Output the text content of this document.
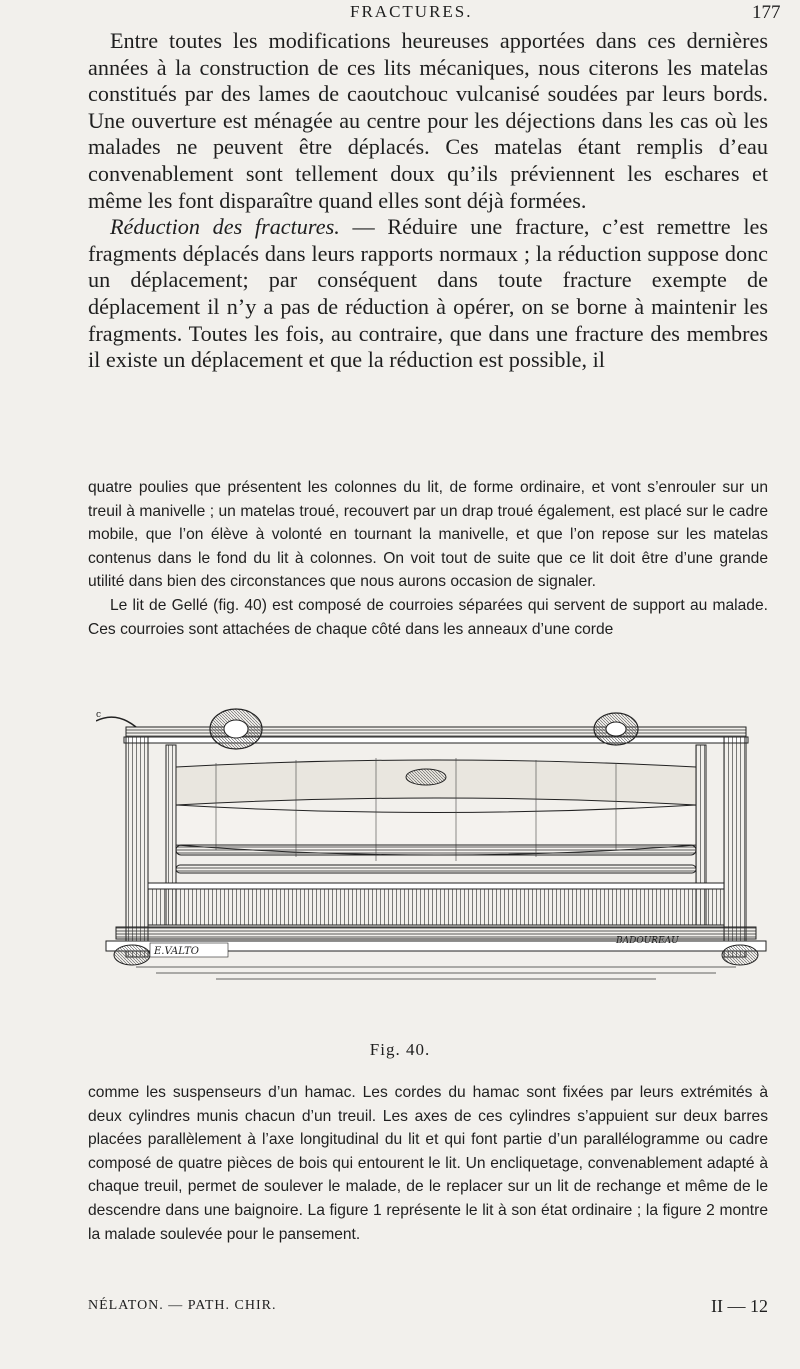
FRACTURES.	177

Entre toutes les modifications heureuses apportées dans ces dernières années à la construction de ces lits mécaniques, nous citerons les matelas constitués par des lames de caoutchouc vulcanisé soudées par leurs bords. Une ouverture est ménagée au centre pour les déjections dans les cas où les malades ne peuvent être déplacés. Ces matelas étant remplis d’eau convenablement sont tellement doux qu’ils préviennent les eschares et même les font disparaître quand elles sont déjà formées.

Réduction des fractures. — Réduire une fracture, c’est remettre les fragments déplacés dans leurs rapports normaux ; la réduction suppose donc un déplacement; par conséquent dans toute fracture exempte de déplacement il n’y a pas de réduction à opérer, on se borne à maintenir les fragments. Toutes les fois, au contraire, que dans une fracture des membres il existe un déplacement et que la réduction est possible, il

quatre poulies que présentent les colonnes du lit, de forme ordinaire, et vont s’enrouler sur un treuil à manivelle ; un matelas troué, recouvert par un drap troué également, est placé sur le cadre mobile, que l’on élève à volonté en tournant la manivelle, et que l’on repose sur les matelas contenus dans le fond du lit à colonnes. On voit tout de suite que ce lit doit être d’une grande utilité dans bien des circonstances que nous aurons occasion de signaler.

Le lit de Gellé (fig. 40) est composé de courroies séparées qui servent de support au malade. Ces courroies sont attachées de chaque côté dans les anneaux d’une corde

c
E.VALTO
BADOUREAU
Fig. 40.

comme les suspenseurs d’un hamac. Les cordes du hamac sont fixées par leurs extrémités à deux cylindres munis chacun d’un treuil. Les axes de ces cylindres s’appuient sur deux barres placées parallèlement à l’axe longitudinal du lit et qui font partie d’un parallélogramme ou cadre composé de quatre pièces de bois qui entourent le lit. Un encliquetage, convenablement adapté à chaque treuil, permet de soulever le malade, de le replacer sur un lit de rechange et même de le descendre dans une baignoire. La figure 1 représente le lit à son état ordinaire ; la figure 2 montre la malade soulevée pour le pansement.

NÉLATON. — PATH. CHIR.	II — 12
